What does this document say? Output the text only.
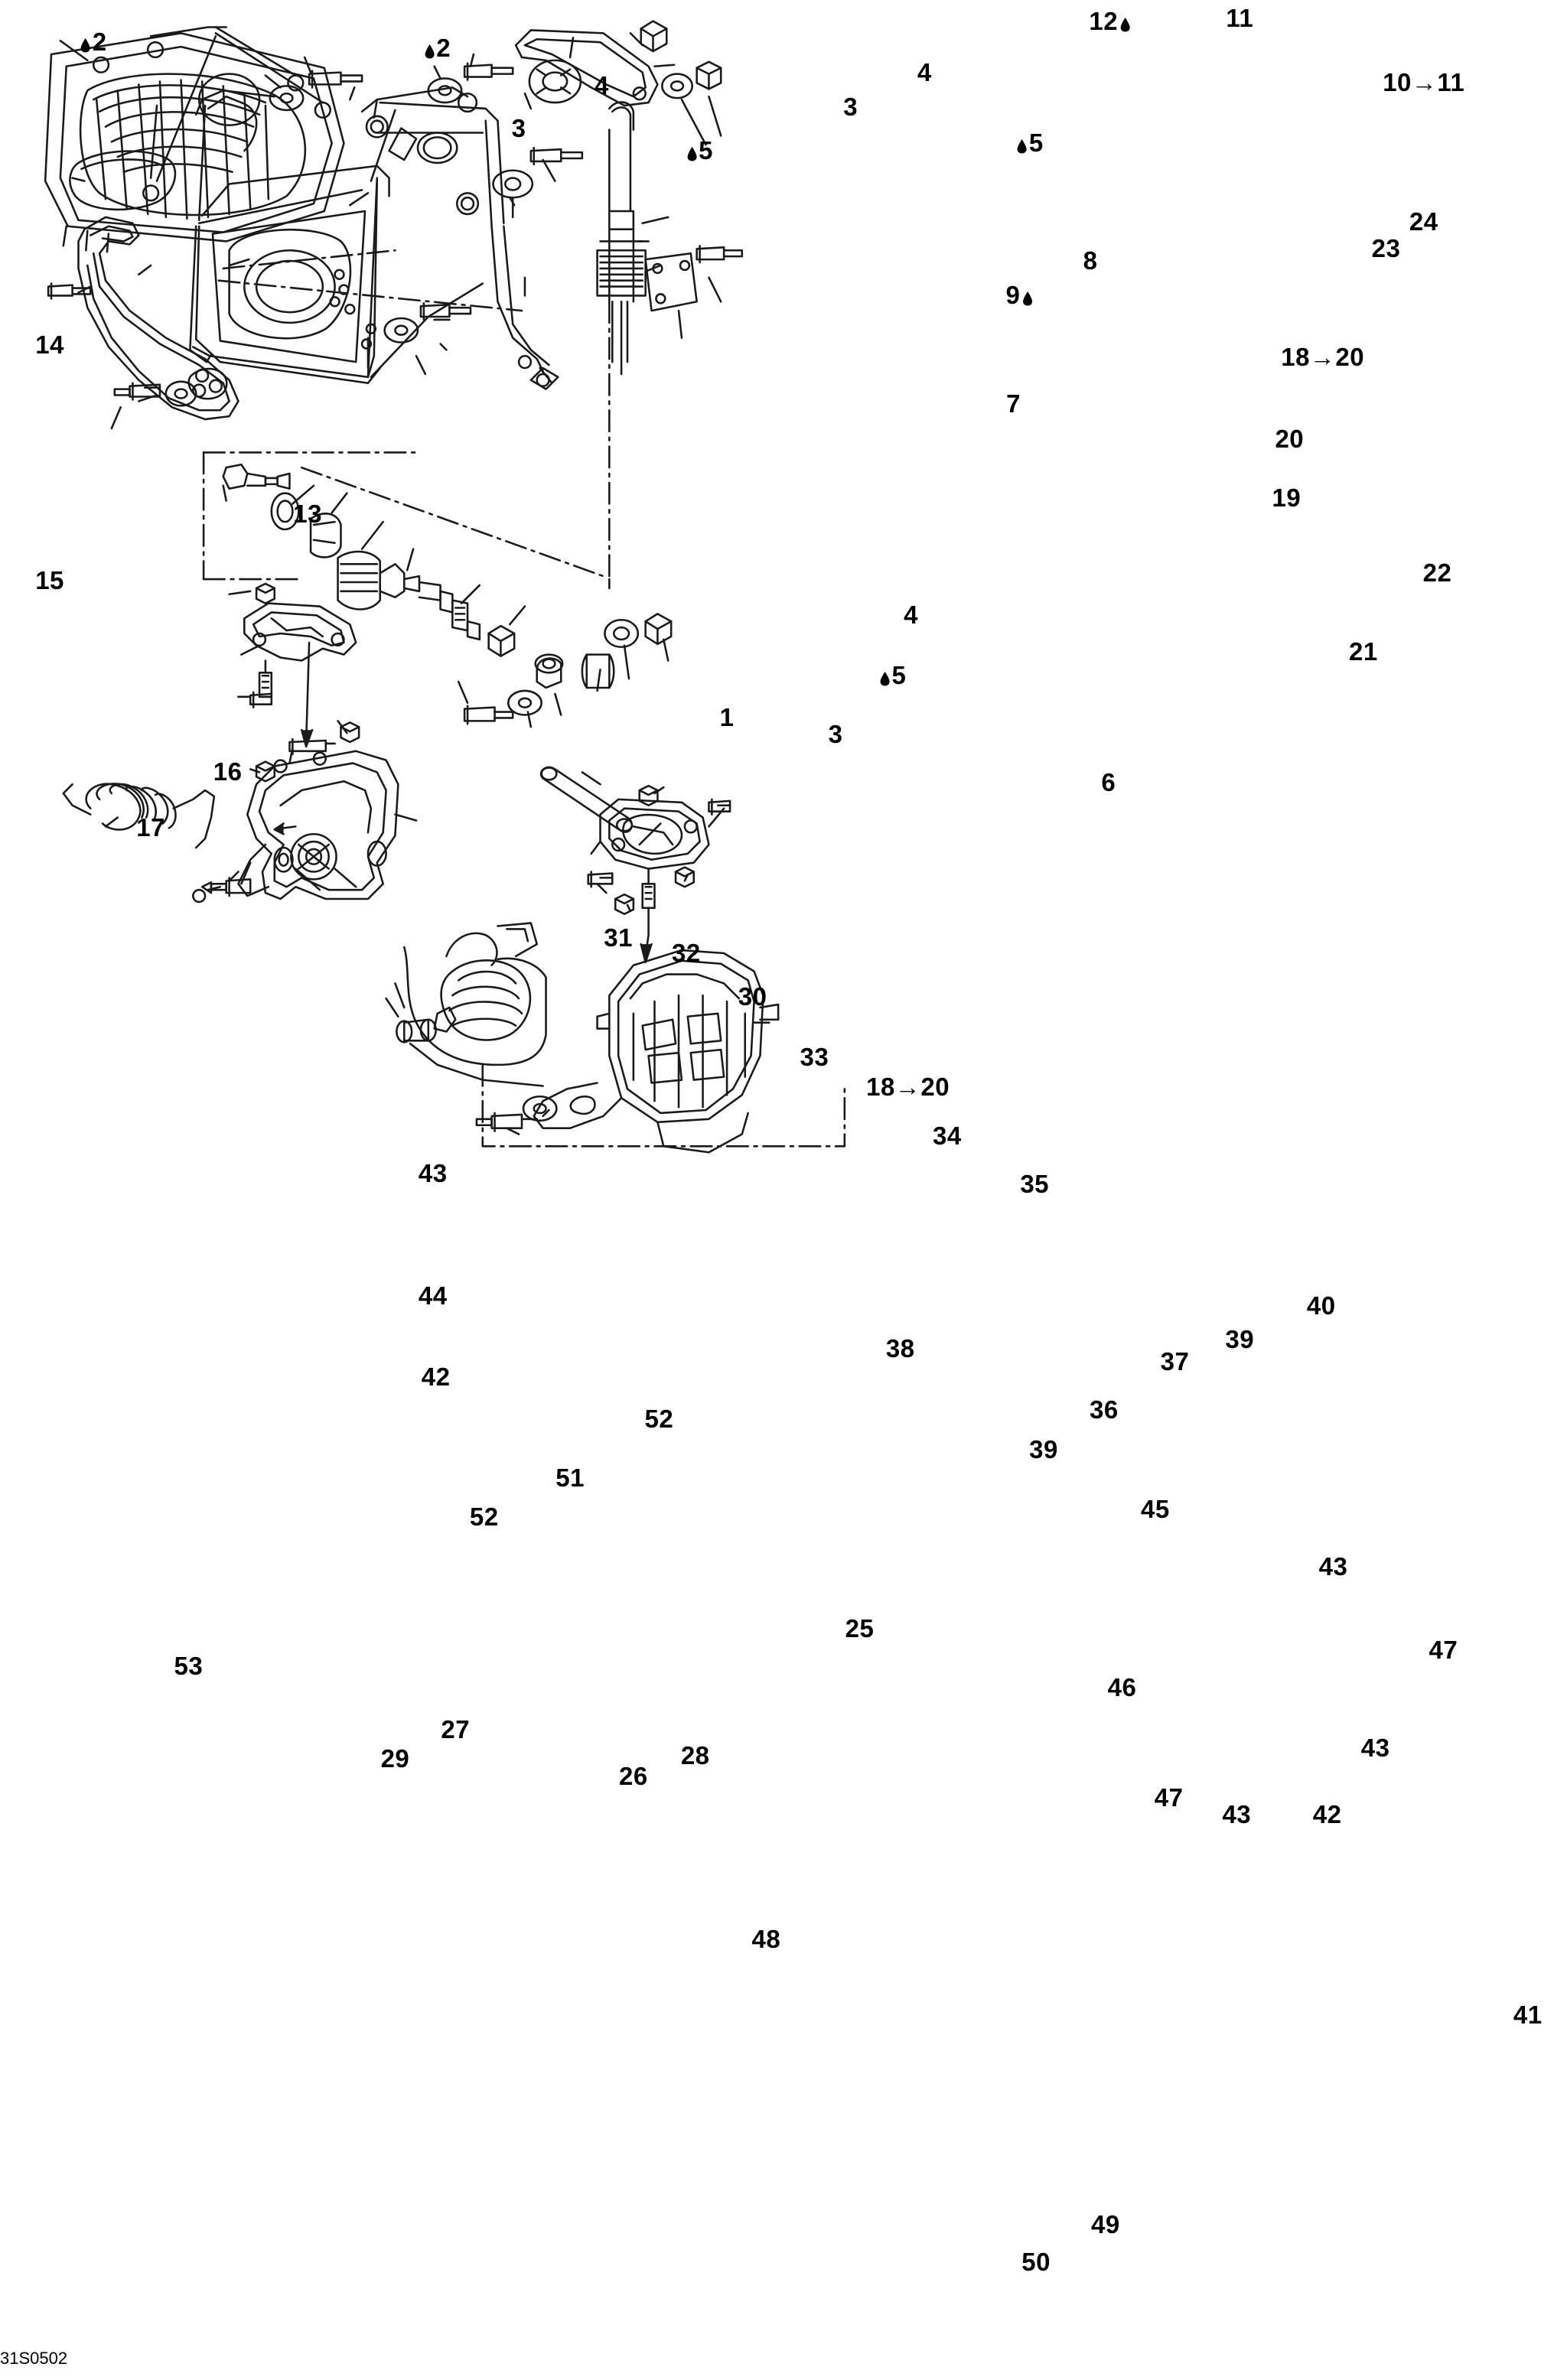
2	2
4
3
5
3
4
5
12	11
10→11
24
23
9
8
7
18→20
20
19
22
21
14
13
15
16
17
1
4
5
3
6
31
32
30
33
18→20
34
35
40
39
37
36
38
39
43
44
42
51
52
52
53
29
27
26
28
25
45
43
46
47
43
47
43 42
48
41
49
50
31S0502
